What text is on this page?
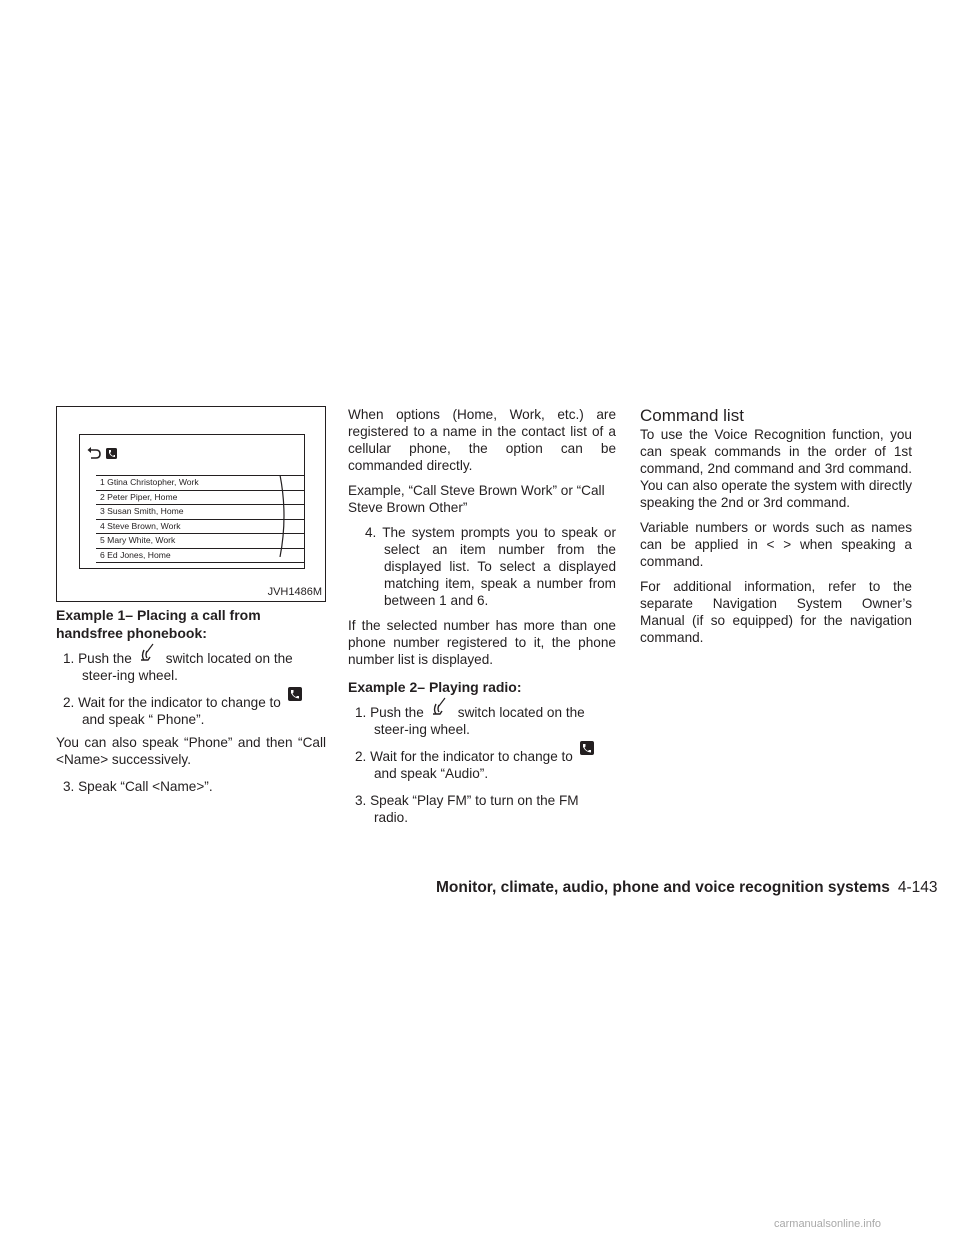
1 Gtina Christopher, Work
2 Peter Piper, Home
3 Susan Smith, Home
4 Steve Brown, Work
5 Mary White, Work
6 Ed Jones, Home
JVH1486M

Example 1– Placing a call from handsfree phonebook:

1. Push the	switch located on the steer-ing wheel.

2. Wait for the indicator to change to
and speak “ Phone”.

You can also speak “Phone” and then “Call <Name> successively.

3. Speak “Call <Name>”.

When options (Home, Work, etc.) are registered to a name in the contact list of a cellular phone, the option can be commanded directly.

Example, “Call Steve Brown Work” or “Call Steve Brown Other”

4. The system prompts you to speak or select an item number from the displayed list. To select a displayed matching item, speak a number from between 1 and 6.

If the selected number has more than one phone number registered to it, the phone number list is displayed.

Example 2– Playing radio:

1. Push the	switch located on the steer-ing wheel.

2. Wait for the indicator to change to
and speak “Audio”.

3. Speak “Play FM” to turn on the FM radio.

Command list

To use the Voice Recognition function, you can speak commands in the order of 1st command, 2nd command and 3rd command. You can also operate the system with directly speaking the 2nd or 3rd command.

Variable numbers or words such as names can be applied in < > when speaking a command.

For additional information, refer to the separate Navigation System Owner’s Manual (if so equipped) for the navigation command.

Monitor, climate, audio, phone and voice recognition systems 4-143
carmanualsonline.info
